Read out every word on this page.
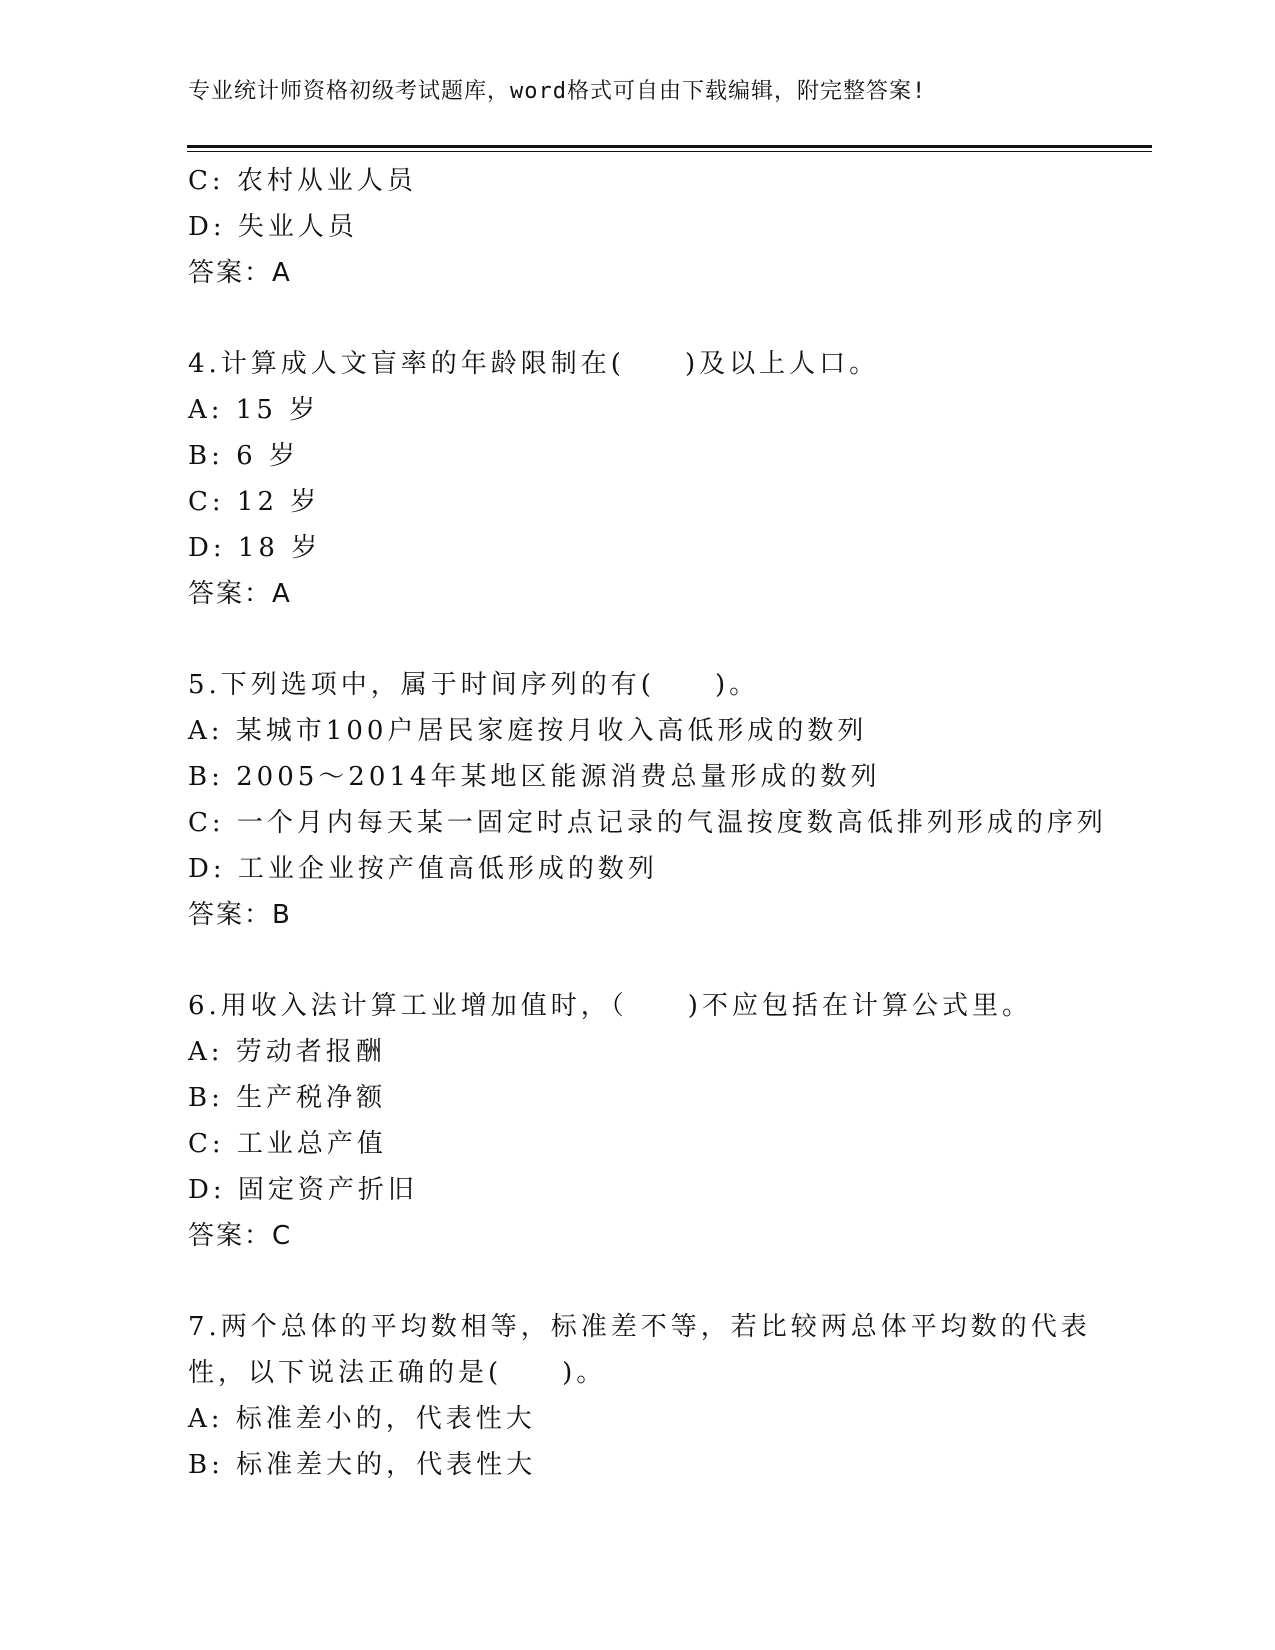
专业统计师资格初级考试题库，word格式可自由下载编辑，附完整答案!
C: 农村从业人员
D: 失业人员
答案：A
4.计算成人文盲率的年龄限制在(　　)及以上人口。
A: 15 岁
B: 6 岁
C: 12 岁
D: 18 岁
答案：A
5.下列选项中，属于时间序列的有(　　)。
A: 某城市100户居民家庭按月收入高低形成的数列
B: 2005～2014年某地区能源消费总量形成的数列
C: 一个月内每天某一固定时点记录的气温按度数高低排列形成的序列
D: 工业企业按产值高低形成的数列
答案：B
6.用收入法计算工业增加值时，（　　)不应包括在计算公式里。
A: 劳动者报酬
B: 生产税净额
C: 工业总产值
D: 固定资产折旧
答案：C
7.两个总体的平均数相等，标准差不等，若比较两总体平均数的代表
性，以下说法正确的是(　　)。
A: 标准差小的，代表性大
B: 标准差大的，代表性大
